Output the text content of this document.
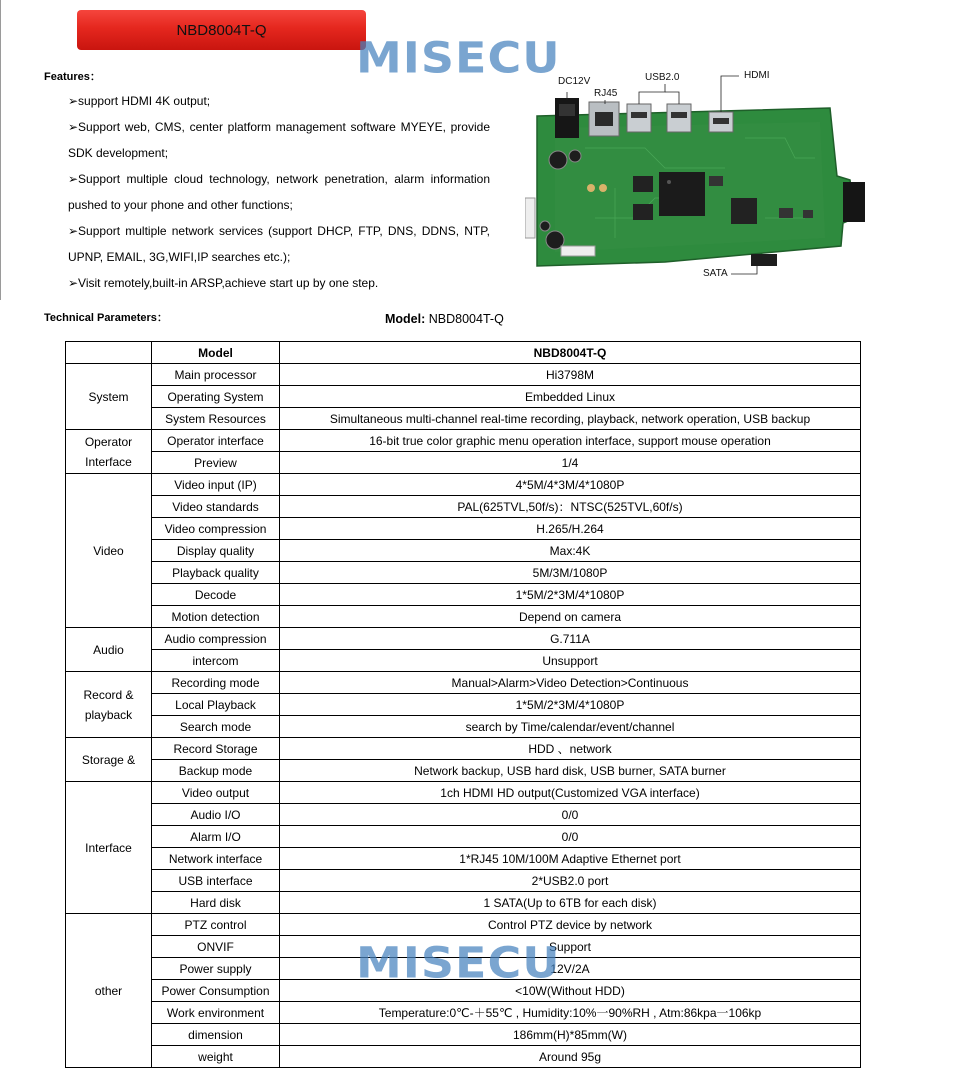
NBD8004T-Q
MISECU
Features：
➢support HDMI 4K output;
➢Support web, CMS, center platform management software MYEYE, provide SDK development;
➢Support multiple cloud technology, network penetration, alarm information pushed to your phone and other functions;
➢Support multiple network services (support DHCP, FTP, DNS, DDNS, NTP, UPNP, EMAIL, 3G,WIFI,IP searches etc.);
➢Visit remotely,built-in ARSP,achieve start up by one step.
DC12V
RJ45
USB2.0	HDMI
SATA
Technical Parameters：	Model: NBD8004T-Q
	Model	NBD8004T-Q
System	Main processor	Hi3798M
	Operating System	Embedded Linux
	System Resources	Simultaneous multi-channel real-time recording, playback, network operation, USB backup
Operator Interface	Operator interface	16-bit true color graphic menu operation interface, support mouse operation
	Preview	1/4
Video	Video input (IP)	4*5M/4*3M/4*1080P
	Video standards	PAL(625TVL,50f/s)：NTSC(525TVL,60f/s)
	Video compression	H.265/H.264
	Display quality	Max:4K
	Playback quality	5M/3M/1080P
	Decode	1*5M/2*3M/4*1080P
	Motion detection	Depend on camera
Audio	Audio compression	G.711A
	intercom	Unsupport
Record & playback	Recording mode	Manual>Alarm>Video Detection>Continuous
	Local Playback	1*5M/2*3M/4*1080P
	Search mode	search by Time/calendar/event/channel
Storage &	Record Storage	HDD 、network
	Backup mode	Network backup, USB hard disk, USB burner, SATA burner
Interface	Video output	1ch HDMI HD output(Customized VGA interface)
	Audio I/O	0/0
	Alarm I/O	0/0
	Network interface	1*RJ45 10M/100M Adaptive Ethernet port
	USB interface	2*USB2.0 port
	Hard disk	1 SATA(Up to 6TB for each disk)
other	PTZ control	Control PTZ device by network
	ONVIF	Support
	Power supply	12V/2A
	Power Consumption	<10W(Without HDD)
	Work environment	Temperature:0℃-＋55℃ , Humidity:10%一90%RH , Atm:86kpa一106kp
	dimension	186mm(H)*85mm(W)
	weight	Around 95g
MISECU
